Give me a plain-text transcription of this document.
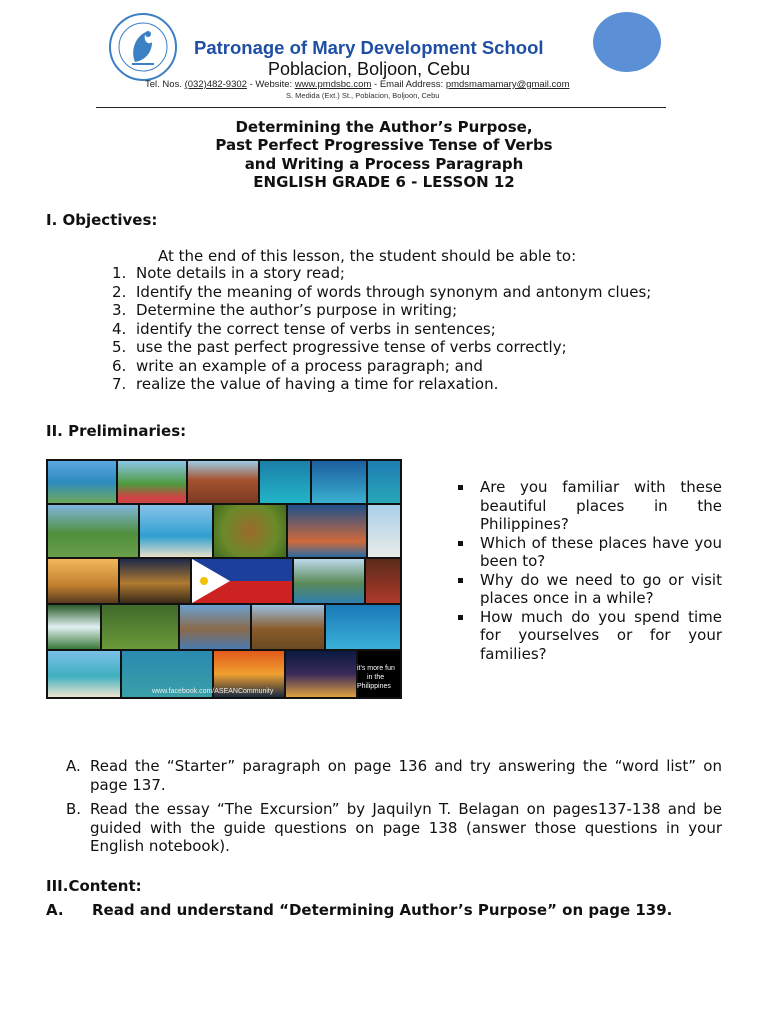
Patronage of Mary Development School
Poblacion, Boljoon, Cebu
Tel. Nos. (032)482-9302 - Website: www.pmdsbc.com - Email Address: pmdsmamamary@gmail.com
S. Medida (Ext.) St., Poblacion, Boljoon, Cebu
Determining the Author’s Purpose,
Past Perfect Progressive Tense of Verbs
and Writing a Process Paragraph
ENGLISH GRADE 6 - LESSON 12
I. Objectives:
At the end of this lesson, the student should be able to:
1. Note details in a story read;
2. Identify the meaning of words through synonym and antonym clues;
3. Determine the author’s purpose in writing;
4. identify the correct tense of verbs in sentences;
5. use the past perfect progressive tense of verbs correctly;
6. write an example of a process paragraph; and
7. realize the value of having a time for relaxation.
II. Preliminaries:
www.facebook.com/ASEANCommunity
it's more fun
in the
Philippines
Are you familiar with these beautiful places in the Philippines?
Which of these places have you been to?
Why do we need to go or visit places once in a while?
How much do you spend time for yourselves or for your families?
A. Read the “Starter” paragraph on page 136 and try answering the “word list” on page 137.
B. Read the essay “The Excursion” by Jaquilyn T. Belagan on pages137-138 and be guided with the guide questions on page 138 (answer those questions in your English notebook).
III.Content:
A. Read and understand “Determining Author’s Purpose” on page 139.
